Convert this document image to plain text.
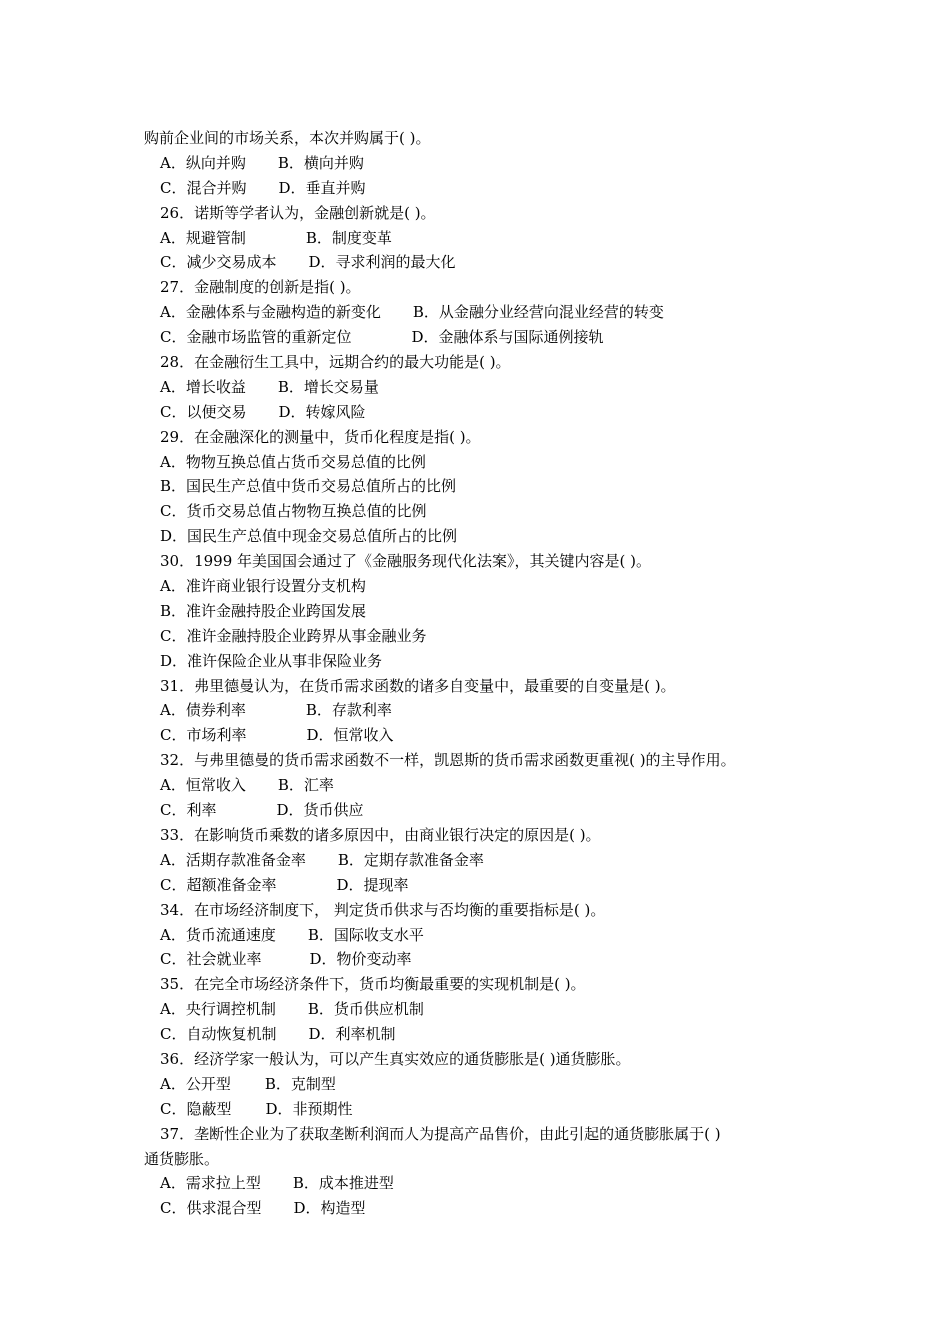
购前企业间的市场关系，本次并购属于( )。
A．纵向并购 B．横向并购
C．混合并购 D．垂直并购
26．诺斯等学者认为，金融创新就是( )。
A．规避管制	B．制度变革
C．减少交易成本 D．寻求利润的最大化
27．金融制度的创新是指( )。
A．金融体系与金融构造的新变化 B．从金融分业经营向混业经营的转变
C．金融市场监管的重新定位	D．金融体系与国际通例接轨
28．在金融衍生工具中，远期合约的最大功能是( )。
A．增长收益 B．增长交易量
C．以便交易 D．转嫁风险
29．在金融深化的测量中，货币化程度是指( )。
A．物物互换总值占货币交易总值的比例
B．国民生产总值中货币交易总值所占的比例
C．货币交易总值占物物互换总值的比例
D．国民生产总值中现金交易总值所占的比例
30．1999 年美国国会通过了《金融服务现代化法案》，其关键内容是( )。
A．准许商业银行设置分支机构
B．准许金融持股企业跨国发展
C．准许金融持股企业跨界从事金融业务
D．准许保险企业从事非保险业务
31．弗里德曼认为，在货币需求函数的诸多自变量中，最重要的自变量是( )。
A．债券利率	B．存款利率
C．市场利率	D．恒常收入
32．与弗里德曼的货币需求函数不一样，凯恩斯的货币需求函数更重视( )的主导作用。
A．恒常收入 B．汇率
C．利率	D．货币供应
33．在影响货币乘数的诸多原因中，由商业银行决定的原因是( )。
A．活期存款准备金率 B．定期存款准备金率
C．超额准备金率	D．提现率
34．在市场经济制度下， 判定货币供求与否均衡的重要指标是( )。
A．货币流通速度 B．国际收支水平
C．社会就业率	D．物价变动率
35．在完全市场经济条件下，货币均衡最重要的实现机制是( )。
A．央行调控机制 B．货币供应机制
C．自动恢复机制 D．利率机制
36．经济学家一般认为，可以产生真实效应的通货膨胀是( )通货膨胀。
A．公开型 B．克制型
C．隐蔽型 D．非预期性
37．垄断性企业为了获取垄断利润而人为提高产品售价，由此引起的通货膨胀属于( )
通货膨胀。
A．需求拉上型 B．成本推进型
C．供求混合型 D．构造型
